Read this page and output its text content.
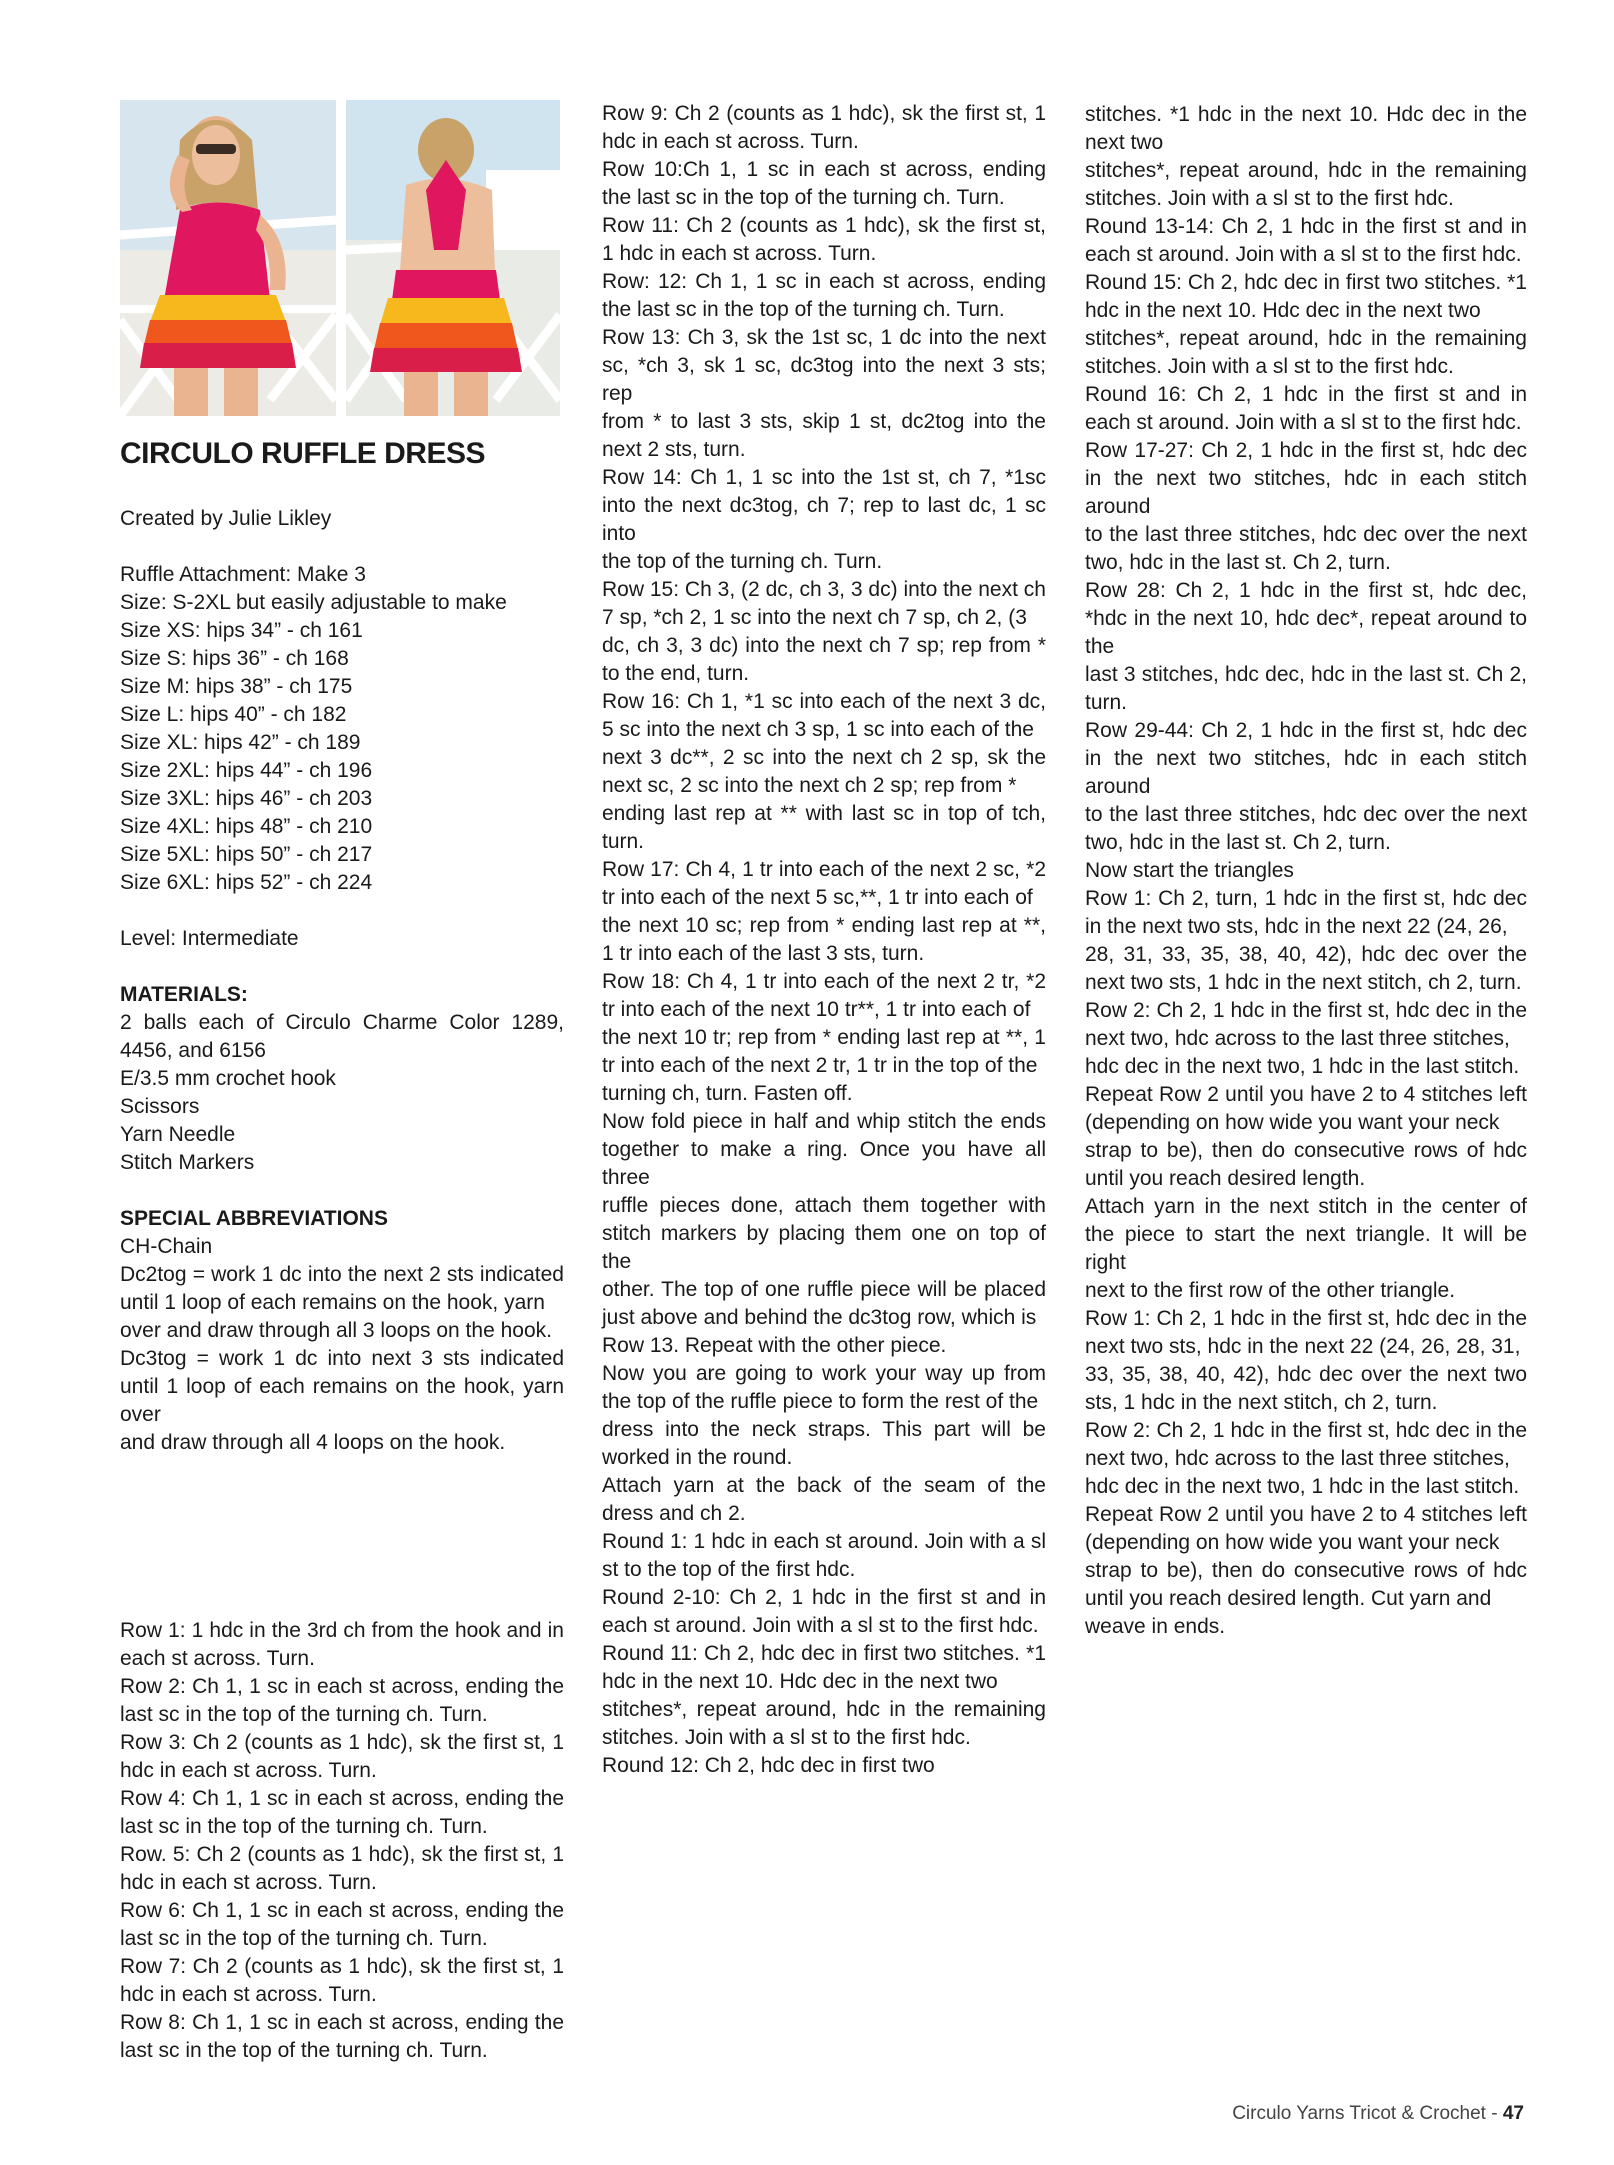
CIRCULO RUFFLE DRESS

Created by Julie Likley

Ruffle Attachment: Make 3

Size: S-2XL but easily adjustable to make

Size XS: hips 34” - ch 161

Size S: hips 36” - ch 168

Size M: hips 38” - ch 175

Size L: hips 40” - ch 182

Size XL: hips 42” - ch 189

Size 2XL: hips 44” - ch 196

Size 3XL: hips 46” - ch 203

Size 4XL: hips 48” - ch 210

Size 5XL: hips 50” - ch 217

Size 6XL: hips 52” - ch 224

Level: Intermediate

MATERIALS:

2 balls each of Circulo Charme Color 1289, 4456, and 6156

E/3.5 mm crochet hook

Scissors

Yarn Needle

Stitch Markers

SPECIAL ABBREVIATIONS

CH-Chain

Dc2tog = work 1 dc into the next 2 sts indicated until 1 loop of each remains on the hook, yarn

over and draw through all 3 loops on the hook.

Dc3tog = work 1 dc into next 3 sts indicated until 1 loop of each remains on the hook, yarn over

and draw through all 4 loops on the hook.

Row 1: 1 hdc in the 3rd ch from the hook and in each st across. Turn.

Row 2: Ch 1, 1 sc in each st across, ending the last sc in the top of the turning ch. Turn.

Row 3: Ch 2 (counts as 1 hdc), sk the first st, 1 hdc in each st across. Turn.

Row 4: Ch 1, 1 sc in each st across, ending the last sc in the top of the turning ch. Turn.

Row. 5: Ch 2 (counts as 1 hdc), sk the first st, 1 hdc in each st across. Turn.

Row 6: Ch 1, 1 sc in each st across, ending the last sc in the top of the turning ch. Turn.

Row 7: Ch 2 (counts as 1 hdc), sk the first st, 1 hdc in each st across. Turn.

Row 8: Ch 1, 1 sc in each st across, ending the last sc in the top of the turning ch. Turn.

Row 9: Ch 2 (counts as 1 hdc), sk the first st, 1 hdc in each st across. Turn.

Row 10:Ch 1, 1 sc in each st across, ending the last sc in the top of the turning ch. Turn.

Row 11: Ch 2 (counts as 1 hdc), sk the first st, 1 hdc in each st across. Turn.

Row: 12: Ch 1, 1 sc in each st across, ending the last sc in the top of the turning ch. Turn.

Row 13: Ch 3, sk the 1st sc, 1 dc into the next sc, *ch 3, sk 1 sc, dc3tog into the next 3 sts; rep

from * to last 3 sts, skip 1 st, dc2tog into the next 2 sts, turn.

Row 14: Ch 1, 1 sc into the 1st st, ch 7, *1sc into the next dc3tog, ch 7; rep to last dc, 1 sc into

the top of the turning ch. Turn.

Row 15: Ch 3, (2 dc, ch 3, 3 dc) into the next ch 7 sp, *ch 2, 1 sc into the next ch 7 sp, ch 2, (3

dc, ch 3, 3 dc) into the next ch 7 sp; rep from * to the end, turn.

Row 16: Ch 1, *1 sc into each of the next 3 dc, 5 sc into the next ch 3 sp, 1 sc into each of the

next 3 dc**, 2 sc into the next ch 2 sp, sk the next sc, 2 sc into the next ch 2 sp; rep from *

ending last rep at ** with last sc in top of tch, turn.

Row 17: Ch 4, 1 tr into each of the next 2 sc, *2 tr into each of the next 5 sc,**, 1 tr into each of

the next 10 sc; rep from * ending last rep at **, 1 tr into each of the last 3 sts, turn.

Row 18: Ch 4, 1 tr into each of the next 2 tr, *2 tr into each of the next 10 tr**, 1 tr into each of

the next 10 tr; rep from * ending last rep at **, 1 tr into each of the next 2 tr, 1 tr in the top of the

turning ch, turn. Fasten off.

Now fold piece in half and whip stitch the ends together to make a ring. Once you have all three

ruffle pieces done, attach them together with stitch markers by placing them one on top of the

other. The top of one ruffle piece will be placed just above and behind the dc3tog row, which is

Row 13. Repeat with the other piece.

Now you are going to work your way up from the top of the ruffle piece to form the rest of the

dress into the neck straps. This part will be worked in the round.

Attach yarn at the back of the seam of the dress and ch 2.

Round 1: 1 hdc in each st around. Join with a sl st to the top of the first hdc.

Round 2-10: Ch 2, 1 hdc in the first st and in each st around. Join with a sl st to the first hdc.

Round 11: Ch 2, hdc dec in first two stitches. *1 hdc in the next 10. Hdc dec in the next two

stitches*, repeat around, hdc in the remaining stitches. Join with a sl st to the first hdc.

Round 12: Ch 2, hdc dec in first two

stitches. *1 hdc in the next 10. Hdc dec in the next two

stitches*, repeat around, hdc in the remaining stitches. Join with a sl st to the first hdc.

Round 13-14: Ch 2, 1 hdc in the first st and in each st around. Join with a sl st to the first hdc.

Round 15: Ch 2, hdc dec in first two stitches. *1 hdc in the next 10. Hdc dec in the next two

stitches*, repeat around, hdc in the remaining stitches. Join with a sl st to the first hdc.

Round 16: Ch 2, 1 hdc in the first st and in each st around. Join with a sl st to the first hdc.

Row 17-27: Ch 2, 1 hdc in the first st, hdc dec in the next two stitches, hdc in each stitch around

to the last three stitches, hdc dec over the next two, hdc in the last st. Ch 2, turn.

Row 28: Ch 2, 1 hdc in the first st, hdc dec, *hdc in the next 10, hdc dec*, repeat around to the

last 3 stitches, hdc dec, hdc in the last st. Ch 2, turn.

Row 29-44: Ch 2, 1 hdc in the first st, hdc dec in the next two stitches, hdc in each stitch around

to the last three stitches, hdc dec over the next two, hdc in the last st. Ch 2, turn.

Now start the triangles

Row 1: Ch 2, turn, 1 hdc in the first st, hdc dec in the next two sts, hdc in the next 22 (24, 26,

28, 31, 33, 35, 38, 40, 42), hdc dec over the next two sts, 1 hdc in the next stitch, ch 2, turn.

Row 2: Ch 2, 1 hdc in the first st, hdc dec in the next two, hdc across to the last three stitches,

hdc dec in the next two, 1 hdc in the last stitch.

Repeat Row 2 until you have 2 to 4 stitches left (depending on how wide you want your neck

strap to be), then do consecutive rows of hdc until you reach desired length.

Attach yarn in the next stitch in the center of the piece to start the next triangle. It will be right

next to the first row of the other triangle.

Row 1: Ch 2, 1 hdc in the first st, hdc dec in the next two sts, hdc in the next 22 (24, 26, 28, 31,

33, 35, 38, 40, 42), hdc dec over the next two sts, 1 hdc in the next stitch, ch 2, turn.

Row 2: Ch 2, 1 hdc in the first st, hdc dec in the next two, hdc across to the last three stitches,

hdc dec in the next two, 1 hdc in the last stitch.

Repeat Row 2 until you have 2 to 4 stitches left (depending on how wide you want your neck

strap to be), then do consecutive rows of hdc until you reach desired length. Cut yarn and

weave in ends.

Circulo Yarns Tricot & Crochet - 47
